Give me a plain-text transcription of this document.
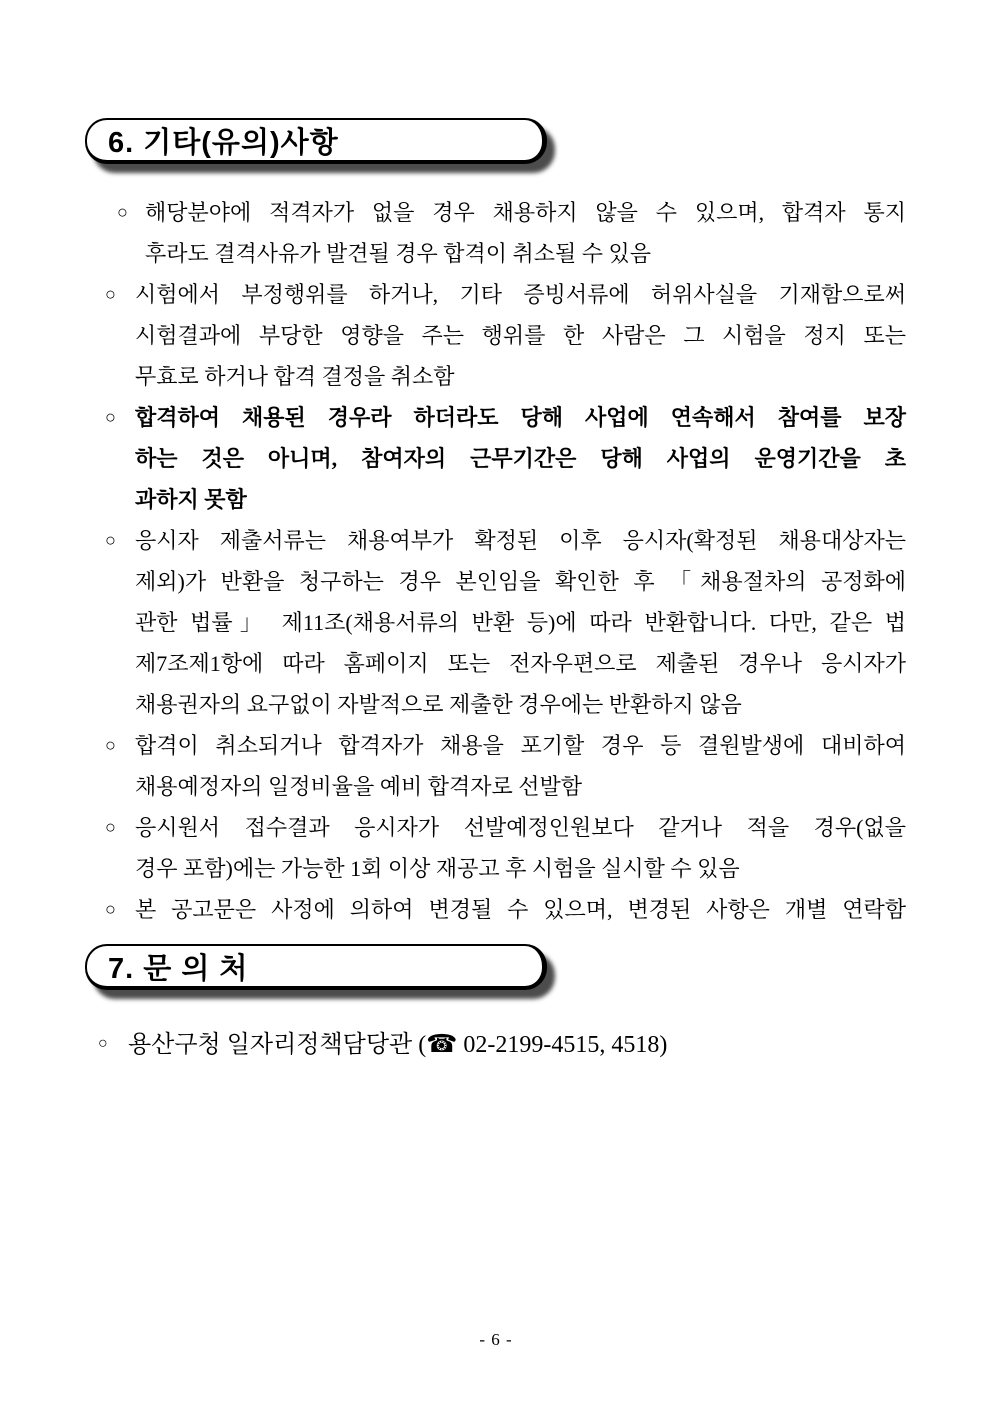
6. 기타(유의)사항
○ 해당분야에 적격자가 없을 경우 채용하지 않을 수 있으며, 합격자 통지
후라도 결격사유가 발견될 경우 합격이 취소될 수 있음
○ 시험에서 부정행위를 하거나, 기타 증빙서류에 허위사실을 기재함으로써
시험결과에 부당한 영향을 주는 행위를 한 사람은 그 시험을 정지 또는
무효로 하거나 합격 결정을 취소함
○ 합격하여 채용된 경우라 하더라도 당해 사업에 연속해서 참여를 보장
하는 것은 아니며, 참여자의 근무기간은 당해 사업의 운영기간을 초
과하지 못함
○ 응시자 제출서류는 채용여부가 확정된 이후 응시자(확정된 채용대상자는
제외)가 반환을 청구하는 경우 본인임을 확인한 후 「채용절차의 공정화에
관한 법률」 제11조(채용서류의 반환 등)에 따라 반환합니다. 다만, 같은 법
제7조제1항에 따라 홈페이지 또는 전자우편으로 제출된 경우나 응시자가
채용권자의 요구없이 자발적으로 제출한 경우에는 반환하지 않음
○ 합격이 취소되거나 합격자가 채용을 포기할 경우 등 결원발생에 대비하여
채용예정자의 일정비율을 예비 합격자로 선발함
○ 응시원서 접수결과 응시자가 선발예정인원보다 같거나 적을 경우(없을
경우 포함)에는 가능한 1회 이상 재공고 후 시험을 실시할 수 있음
○ 본 공고문은 사정에 의하여 변경될 수 있으며, 변경된 사항은 개별 연락함
7. 문 의 처
○ 용산구청 일자리정책담당관 (☎ 02-2199-4515, 4518)
- 6 -
